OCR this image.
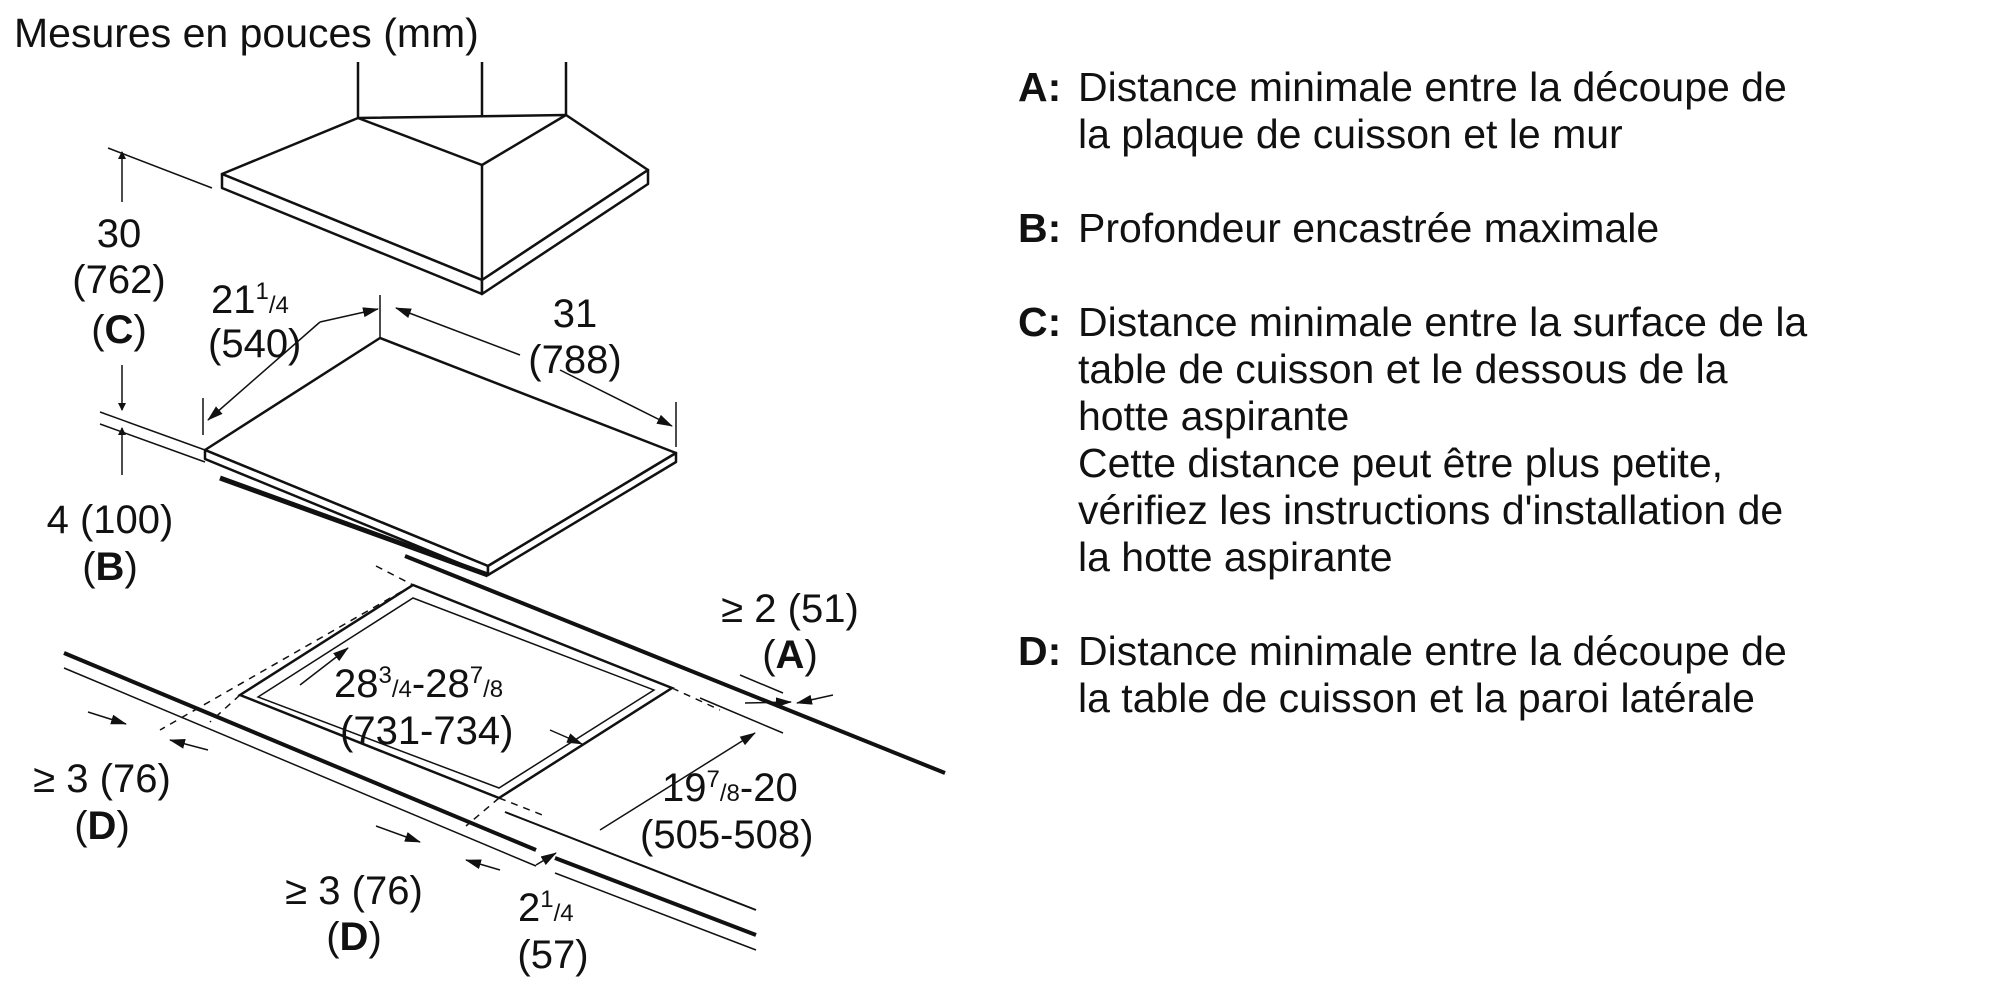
Mesures en pouces (mm)
30
(762)
(C)
$21^1_/4$
(540)
31
(788)
4 (100)
(B)
≥ 2 (51)
(A)
$28^3_/4-28^7_/8$
(731-734)
≥ 3 (76)
(D)
$19^7_/8-20$
(505-508)
≥ 3 (76)
(D)
$2^1_/4$
(57)
A: Distance minimale entre la découpe de
la plaque de cuisson et le mur
B: Profondeur encastrée maximale
C: Distance minimale entre la surface de la
table de cuisson et le dessous de la
hotte aspirante
Cette distance peut être plus petite,
vérifiez les instructions d'installation de
la hotte aspirante
D: Distance minimale entre la découpe de
la table de cuisson et la paroi latérale
